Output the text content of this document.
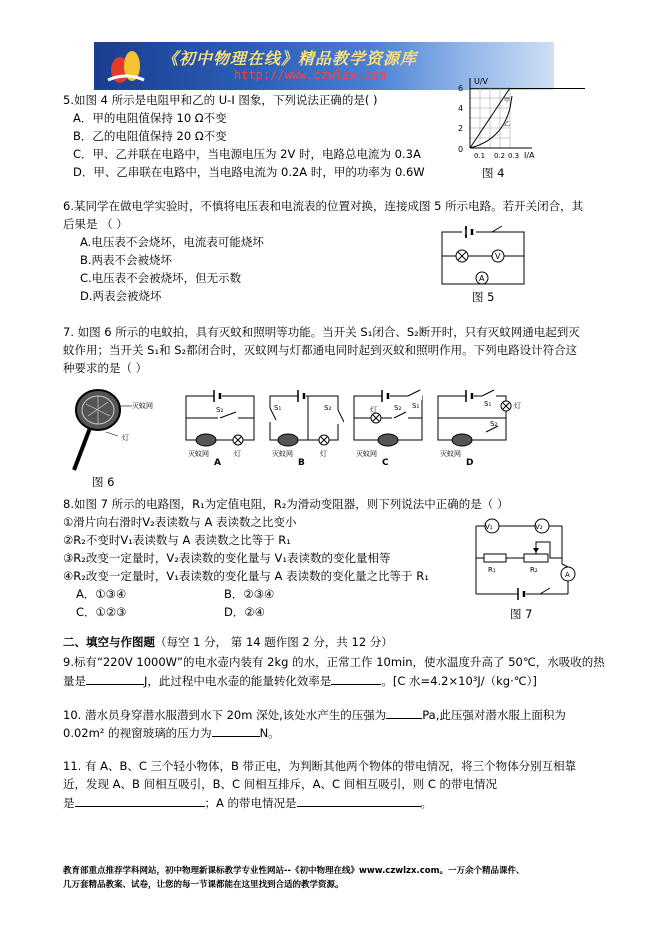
《初中物理在线》精品教学资源库
http://www.czwlzx.com
5.如图 4 所示是电阻甲和乙的 U-I 图象，下列说法正确的是( )
A．甲的电阻值保持 10 Ω不变
B．乙的电阻值保持 20 Ω不变
C．甲、乙并联在电路中，当电源电压为 2V 时，电路总电流为 0.3A
D．甲、乙串联在电路中，当电路电流为 0.2A 时，甲的功率为 0.6W
U/V
6
4
2
0
0.1 0.2 0.3 I/A
甲
乙
图 4
6.某同学在做电学实验时，不慎将电压表和电流表的位置对换，连接成图 5 所示电路。若开关闭合，其
后果是 （ ）
A.电压表不会烧坏，电流表可能烧坏
B.两表不会被烧坏
C.电压表不会被烧坏，但无示数
D.两表会被烧坏
V
A
图 5
7. 如图 6 所示的电蚊拍，具有灭蚊和照明等功能。当开关 S₁闭合、S₂断开时，只有灭蚊网通电起到灭
蚊作用；当开关 S₁和 S₂都闭合时，灭蚊网与灯都通电同时起到灭蚊和照明作用。下列电路设计符合这
种要求的是（ ）
灭蚊网
灯
图 6
S₂
灭蚊网	灯
A
S₁	S₂
灭蚊网	灯
B
灯 S₂ S₁
灭蚊网
C
灯
S₁
S₂
灭蚊网
D
8.如图 7 所示的电路图，R₁为定值电阻，R₂为滑动变阻器，则下列说法中正确的是（ ）
①滑片向右滑时V₂表读数与 A 表读数之比变小
②R₂不变时V₁表读数与 A 表读数之比等于 R₁
③R₂改变一定量时，V₂表读数的变化量与 V₁表读数的变化量相等
④R₂改变一定量时，V₁表读数的变化量与 A 表读数的变化量之比等于 R₁
A．①③④	B．②③④
C．①②③	D．②④
V₁	V₂
R₁	R₂
A
图 7
二、填空与作图题（每空 1 分， 第 14 题作图 2 分，共 12 分）
9.标有“220V 1000W”的电水壶内装有 2kg 的水，正常工作 10min，使水温度升高了 50℃，水吸收的热
量是	J，此过程中电水壶的能量转化效率是	。[C 水=4.2×10³J/（kg·℃）]
10. 潜水员身穿潜水服潜到水下 20m 深处,该处水产生的压强为	Pa,此压强对潜水服上面积为
0.02m² 的视窗玻璃的压力为	N。
11. 有 A、B、C 三个轻小物体，B 带正电，为判断其他两个物体的带电情况，将三个物体分别互相靠
近，发现 A、B 间相互吸引，B、C 间相互排斥，A、C 间相互吸引，则 C 的带电情况
是	；A 的带电情况是	。
教育部重点推荐学科网站，初中物理新课标教学专业性网站--《初中物理在线》www.czwlzx.com。一万余个精品课件、
几万套精品教案、试卷，让您的每一节课都能在这里找到合适的教学资源。
